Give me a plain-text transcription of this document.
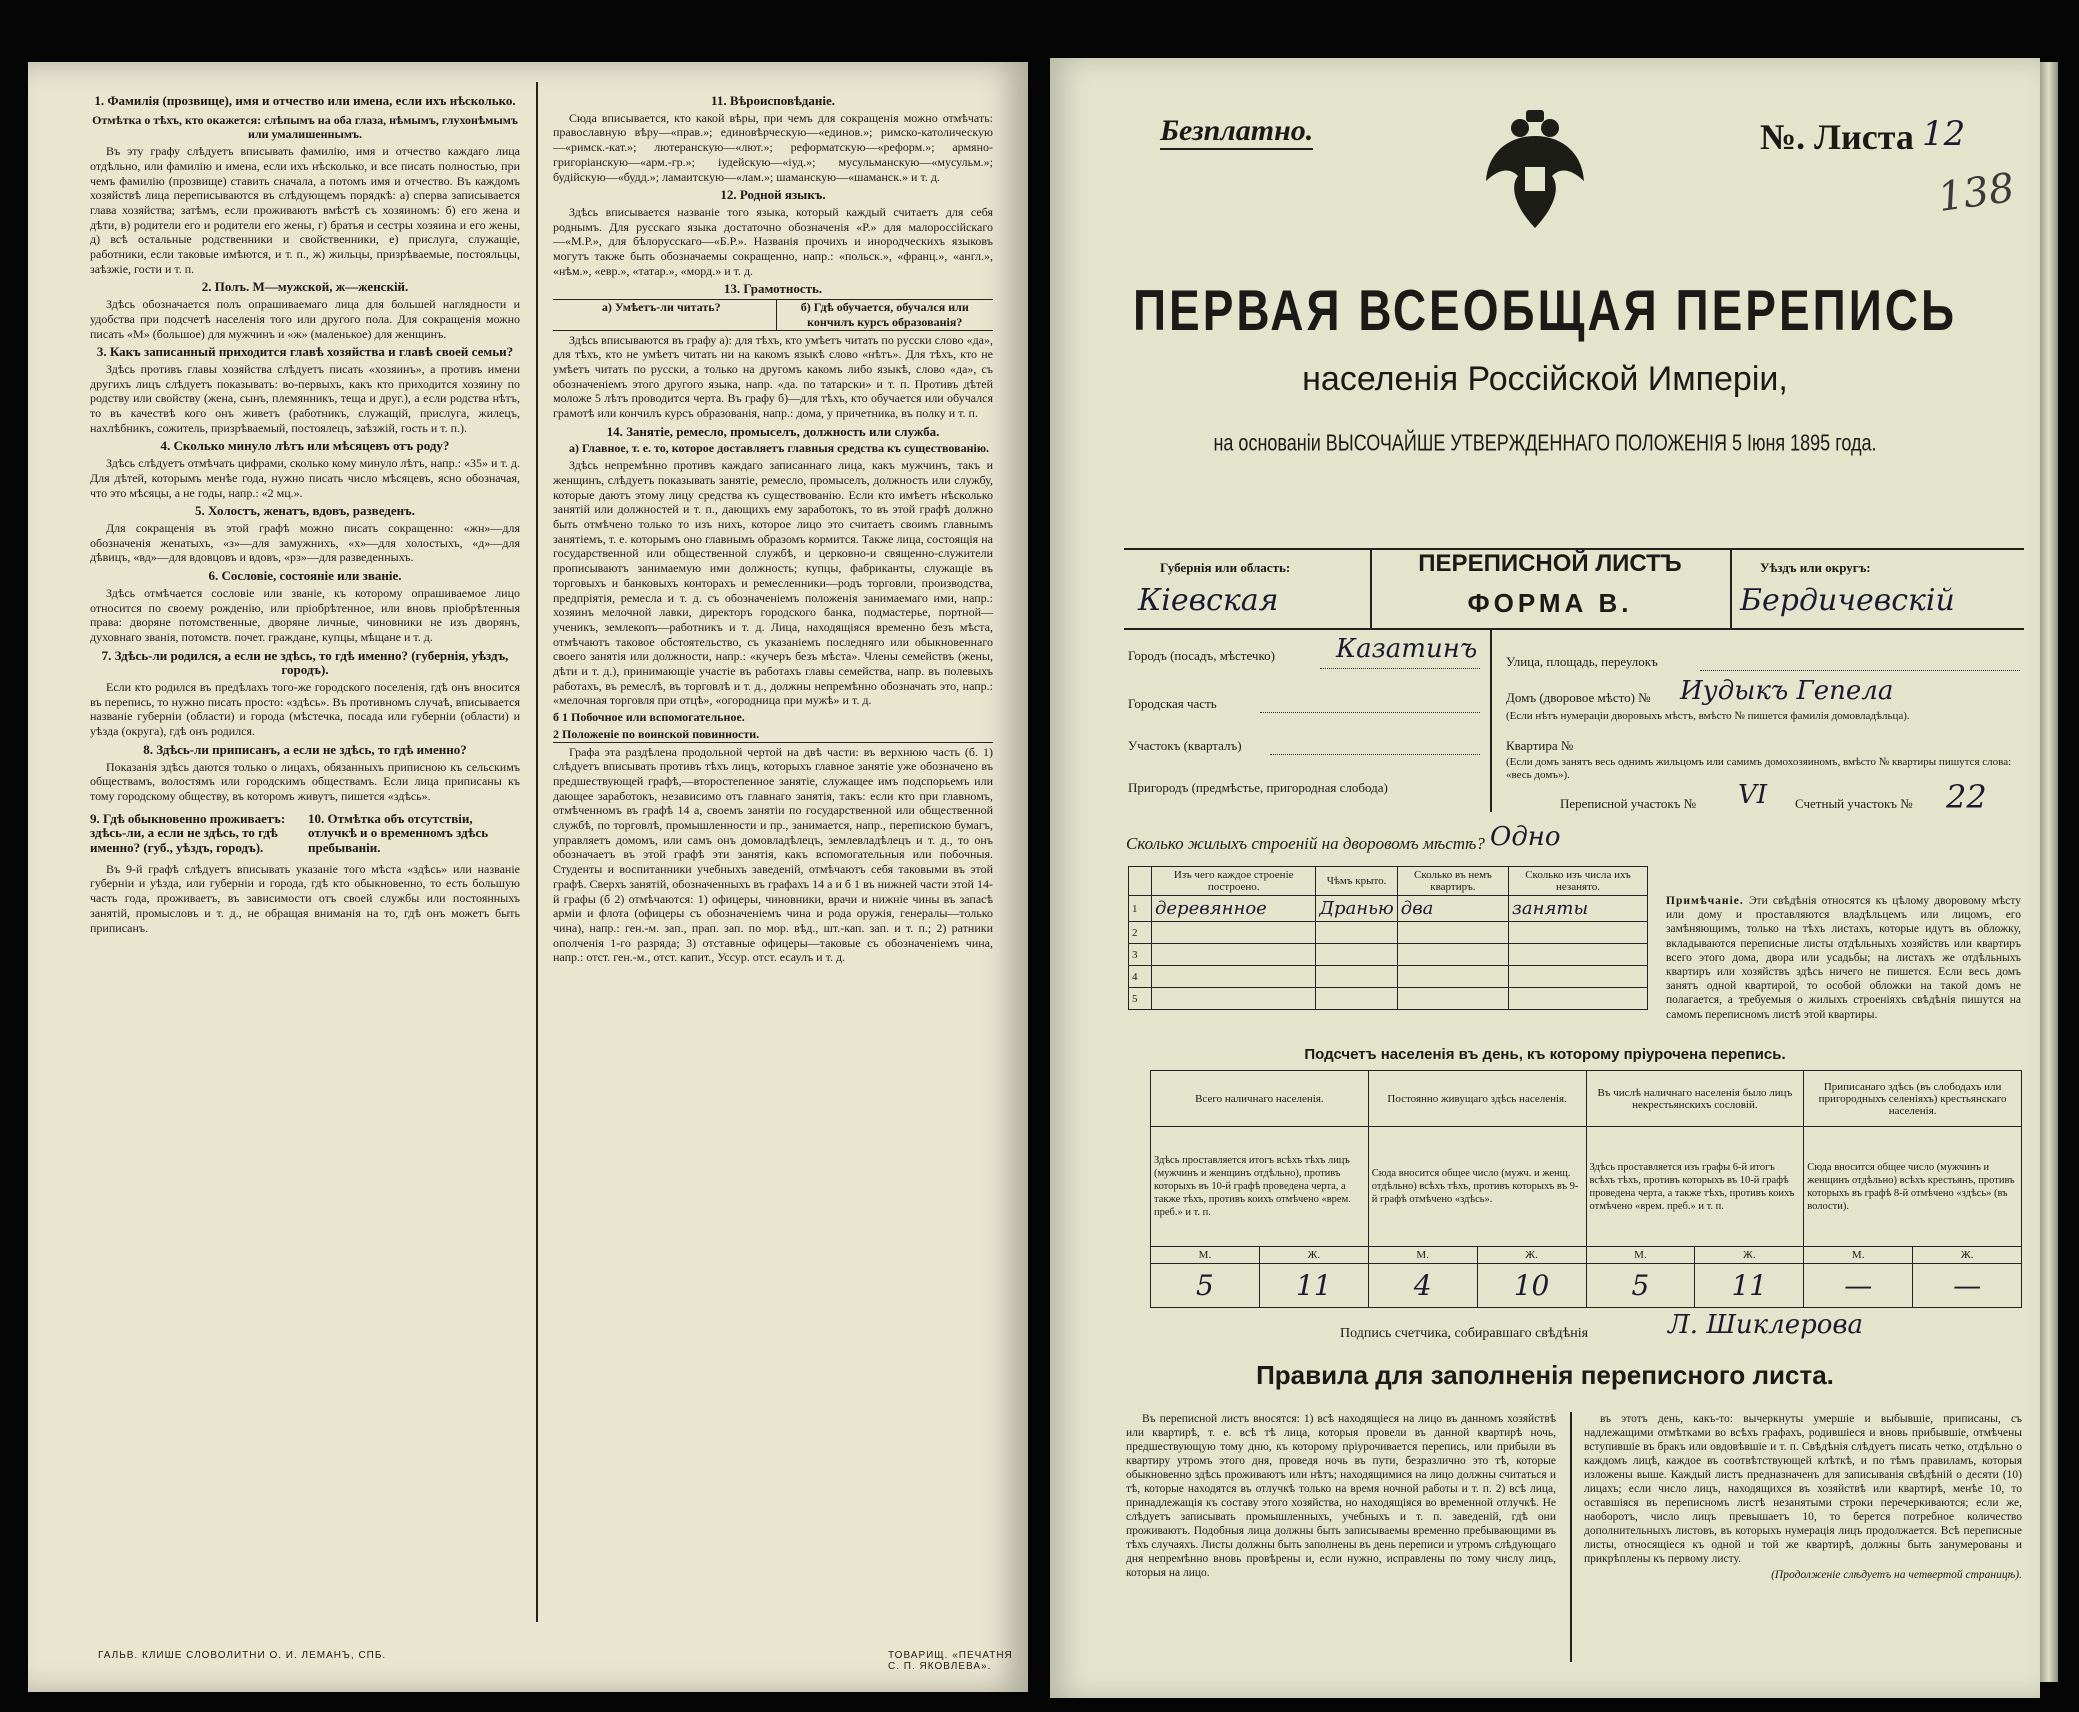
1. Фамилія (прозвище), имя и отчество или имена, если ихъ нѣсколько.
Отмѣтка о тѣхъ, кто окажется: слѣпымъ на оба глаза, нѣмымъ, глухонѣмымъ или умалишеннымъ.

Въ эту графу слѣдуетъ вписывать фамилію, имя и отчество каждаго лица отдѣльно, или фамилію и имена, если ихъ нѣсколько, и все писать полностью, при чемъ фамилію (прозвище) ставить сначала, а потомъ имя и отчество. Въ каждомъ хозяйствѣ лица переписываются въ слѣдующемъ порядкѣ: а) сперва записывается глава хозяйства; затѣмъ, если проживаютъ вмѣстѣ съ хозяиномъ: б) его жена и дѣти, в) родители его и родители его жены, г) братья и сестры хозяина и его жены, д) всѣ остальные родственники и свойственники, е) прислуга, служащіе, работники, если таковые имѣются, и т. п., ж) жильцы, призрѣваемые, постояльцы, заѣзжіе, гости и т. п.

2. Полъ. М—мужской, ж—женскій.

Здѣсь обозначается полъ опрашиваемаго лица для большей наглядности и удобства при подсчетѣ населенія того или другого пола. Для сокращенія можно писать «М» (большое) для мужчинъ и «ж» (маленькое) для женщинъ.

3. Какъ записанный приходится главѣ хозяйства и главѣ своей семьи?

Здѣсь противъ главы хозяйства слѣдуетъ писать «хозяинъ», а противъ имени другихъ лицъ слѣдуетъ показывать: во-первыхъ, какъ кто приходится хозяину по родству или свойству (жена, сынъ, племянникъ, теща и друг.), а если родства нѣтъ, то въ качествѣ кого онъ живетъ (работникъ, служащій, прислуга, жилецъ, нахлѣбникъ, сожитель, призрѣваемый, постоялецъ, заѣзжій, гость и т. п.).

4. Сколько минуло лѣтъ или мѣсяцевъ отъ роду?

Здѣсь слѣдуетъ отмѣчать цифрами, сколько кому минуло лѣтъ, напр.: «35» и т. д. Для дѣтей, которымъ менѣе года, нужно писать число мѣсяцевъ, ясно обозначая, что это мѣсяцы, а не годы, напр.: «2 мц.».

5. Холостъ, женатъ, вдовъ, разведенъ.

Для сокращенія въ этой графѣ можно писать сокращенно: «жн»—для обозначенія женатыхъ, «з»—для замужнихъ, «х»—для холостыхъ, «д»—для дѣвицъ, «вд»—для вдовцовъ и вдовъ, «рз»—для разведенныхъ.

6. Сословіе, состояніе или званіе.

Здѣсь отмѣчается сословіе или званіе, къ которому опрашиваемое лицо относится по своему рожденію, или пріобрѣтенное, или вновь пріобрѣтенныя права: дворяне потомственные, дворяне личные, чиновники не изъ дворянъ, духовнаго званія, потомств. почет. граждане, купцы, мѣщане и т. д.

7. Здѣсь-ли родился, а если не здѣсь, то гдѣ именно? (губернія, уѣздъ, городъ).

Если кто родился въ предѣлахъ того-же городского поселенія, гдѣ онъ вносится въ перепись, то нужно писать просто: «здѣсь». Въ противномъ случаѣ, вписывается названіе губерніи (области) и города (мѣстечка, посада или губерніи (области) и уѣзда (округа), гдѣ онъ родился.

8. Здѣсь-ли приписанъ, а если не здѣсь, то гдѣ именно?

Показанія здѣсь даются только о лицахъ, обязанныхъ приписною къ сельскимъ обществамъ, волостямъ или городскимъ обществамъ. Если лица приписаны къ тому городскому обществу, въ которомъ живутъ, пишется «здѣсь».

9. Гдѣ обыкновенно проживаетъ: здѣсь-ли, а если не здѣсь, то гдѣ именно? (губ., уѣздъ, городъ).
10. Отмѣтка объ отсутствіи, отлучкѣ и о временномъ здѣсь пребываніи.

Въ 9-й графѣ слѣдуетъ вписывать указаніе того мѣста «здѣсь» или названіе губерніи и уѣзда, или губерніи и города, гдѣ кто обыкновенно, то есть большую часть года, проживаетъ, въ зависимости отъ своей службы или постоянныхъ занятій, промысловъ и т. д., не обращая вниманія на то, гдѣ онъ можетъ быть приписанъ.

ГАЛЬВ. КЛИШЕ СЛОВОЛИТНИ О. И. ЛЕМАНЪ, СПБ.
11. Вѣроисповѣданіе.

Сюда вписывается, кто какой вѣры, при чемъ для сокращенія можно отмѣчать: православную вѣру—«прав.»; единовѣрческую—«единов.»; римско-католическую—«римск.-кат.»; лютеранскую—«лют.»; реформатскую—«реформ.»; армяно-григоріанскую—«арм.-гр.»; іудейскую—«іуд.»; мусульманскую—«мусульм.»; будійскую—«будд.»; ламаитскую—«лам.»; шаманскую—«шаманск.» и т. д.

12. Родной языкъ.

Здѣсь вписывается названіе того языка, который каждый считаетъ для себя роднымъ. Для русскаго языка достаточно обозначенія «Р.» для малороссійскаго—«М.Р.», для бѣлорусскаго—«Б.Р.». Названія прочихъ и инородческихъ языковъ могутъ также быть обозначаемы сокращенно, напр.: «польск.», «франц.», «англ.», «нѣм.», «евр.», «татар.», «морд.» и т. д.

13. Грамотность.
а) Умѣетъ-ли читать?	б) Гдѣ обучается, обучался или кончилъ курсъ образованія?

Здѣсь вписываются въ графу а): для тѣхъ, кто умѣетъ читать по русски слово «да», для тѣхъ, кто не умѣетъ читать ни на какомъ языкѣ слово «нѣтъ». Для тѣхъ, кто не умѣетъ читать по русски, а только на другомъ какомъ либо языкѣ, слово «да», съ обозначеніемъ этого другого языка, напр. «да. по татарски» и т. п. Противъ дѣтей моложе 5 лѣтъ проводится черта. Въ графу б)—для тѣхъ, кто обучается или обучался грамотѣ или кончилъ курсъ образованія, напр.: дома, у причетника, въ полку и т. п.

14. Занятіе, ремесло, промыселъ, должность или служба.

а) Главное, т. е. то, которое доставляетъ главныя средства къ существованію.

Здѣсь непремѣнно противъ каждаго записаннаго лица, какъ мужчинъ, такъ и женщинъ, слѣдуетъ показывать занятіе, ремесло, промыселъ, должность или службу, которые даютъ этому лицу средства къ существованію. Если кто имѣетъ нѣсколько занятій или должностей и т. п., дающихъ ему заработокъ, то въ этой графѣ должно быть отмѣчено только то изъ нихъ, которое лицо это считаетъ своимъ главнымъ занятіемъ, т. е. которымъ оно главнымъ образомъ кормится. Также лица, состоящія на государственной или общественной службѣ, и церковно-и священно-служители прописываютъ занимаемую ими должность; купцы, фабриканты, служащіе въ торговыхъ и банковыхъ конторахъ и ремесленники—родъ торговли, производства, предпріятія, ремесла и т. д. съ обозначеніемъ положенія занимаемаго ими, напр.: хозяинъ мелочной лавки, директоръ городского банка, подмастерье, портной—ученикъ, землекопъ—работникъ и т. д. Лица, находящіяся временно безъ мѣста, отмѣчаютъ таковое обстоятельство, съ указаніемъ последняго или обыкновеннаго своего занятія или должности, напр.: «кучеръ безъ мѣста». Члены семействъ (жены, дѣти и т. д.), принимающіе участіе въ работахъ главы семейства, напр. въ полевыхъ работахъ, въ ремеслѣ, въ торговлѣ и т. д., должны непремѣнно обозначать это, напр.: «мелочная торговля при отцѣ», «огородница при мужѣ» и т. д.

б 1 Побочное или вспомогательное.

2 Положеніе по воинской повинности.

Графа эта раздѣлена продольной чертой на двѣ части: въ верхнюю часть (б. 1) слѣдуетъ вписывать противъ тѣхъ лицъ, которыхъ главное занятіе уже обозначено въ предшествующей графѣ,—второстепенное занятіе, служащее имъ подспорьемъ или дающее заработокъ, независимо отъ главнаго занятія, такъ: если кто при главномъ, отмѣченномъ въ графѣ 14 а, своемъ занятіи по государственной или общественной службѣ, по торговлѣ, промышленности и пр., занимается, напр., перепискою бумагъ, управляетъ домомъ, или самъ онъ домовладѣлецъ, землевладѣлецъ и т. д., то онъ обозначаетъ въ этой графѣ эти занятія, какъ вспомогательныя или побочныя. Студенты и воспитанники учебныхъ заведеній, отмѣчаютъ себя таковыми въ этой графѣ. Сверхъ занятій, обозначенныхъ въ графахъ 14 а и б 1 въ нижней части этой 14-й графы (б 2) отмѣчаются: 1) офицеры, чиновники, врачи и нижніе чины въ запасѣ арміи и флота (офицеры съ обозначеніемъ чина и рода оружія, генералы—только чина), напр.: ген.-м. зап., прап. зап. по мор. вѣд., шт.-кап. зап. и т. п.; 2) ратники ополченія 1-го разряда; 3) отставные офицеры—таковые съ обозначеніемъ чина, напр.: отст. ген.-м., отст. капит., Уссур. отст. есаулъ и т. д.

ТОВАРИЩ. «ПЕЧАТНЯ С. П. ЯКОВЛЕВА».
Безплатно.	№. Листа 12
138
ПЕРВАЯ ВСЕОБЩАЯ ПЕРЕПИСЬ
населенія Россійской Имперіи,
на основаніи ВЫСОЧАЙШЕ УТВЕРЖДЕННАГО ПОЛОЖЕНІЯ 5 Іюня 1895 года.
Губернія или область:
Кіевская
ПЕРЕПИСНОЙ ЛИСТЪ
ФОРМА В.
Уѣздъ или округъ:
Бердичевскій
Городъ (посадъ, мѣстечко) Казатинъ
Городская часть
Участокъ (кварталъ)
Пригородъ (предмѣстье, пригородная слобода)
Улица, площадь, переулокъ
Домъ (дворовое мѣсто) № Иудыкъ Гепела
(Если нѣтъ нумераціи дворовыхъ мѣстъ, вмѣсто № пишется фамилія домовладѣльца).
Квартира №
(Если домъ занятъ весь однимъ жильцомъ или самимъ домохозяиномъ, вмѣсто № квартиры пишутся слова: «весь домъ»).
Переписной участокъ № VI Счетный участокъ № 22
Сколько жилыхъ строеній на дворовомъ мѣстѣ? Одно
	Изъ чего каждое строеніе построено.	Чѣмъ крыто.	Сколько въ немъ квартиръ.	Сколько изъ числа ихъ незанято.
1	деревянное	Дранью	два	заняты
2				
3				
4				
5				
Примѣчаніе. Эти свѣдѣнія относятся къ цѣлому дворовому мѣсту или дому и проставляются владѣльцемъ или лицомъ, его замѣняющимъ, только на тѣхъ листахъ, которые идутъ въ обложку, вкладываются переписные листы отдѣльныхъ хозяйствъ или квартиръ всего этого дома, двора или усадьбы; на листахъ же отдѣльныхъ квартиръ или хозяйствъ здѣсь ничего не пишется. Если весь домъ занятъ одной квартирой, то особой обложки на такой домъ не полагается, а требуемыя о жилыхъ строеніяхъ свѣдѣнія пишутся на самомъ переписномъ листѣ этой квартиры.
Подсчетъ населенія въ день, къ которому пріурочена перепись.
Всего наличнаго населенія.		Постоянно живущаго здѣсь населенія.		Въ числѣ наличнаго населенія было лицъ некрестьянскихъ сословій.		Приписанаго здѣсь (въ слободахъ или пригородныхъ селеніяхъ) крестьянскаго населенія.	
Здѣсь проставляется итогъ всѣхъ тѣхъ лицъ (мужчинъ и женщинъ отдѣльно), противъ которыхъ въ 10-й графѣ проведена черта, а также тѣхъ, противъ коихъ отмѣчено «врем. преб.» и т. п.		Сюда вносится общее число (мужч. и женщ. отдѣльно) всѣхъ тѣхъ, противъ которыхъ въ 9-й графѣ отмѣчено «здѣсь».		Здѣсь проставляется изъ графы 6-й итогъ всѣхъ тѣхъ, противъ которыхъ въ 10-й графѣ проведена черта, а также тѣхъ, противъ коихъ отмѣчено «врем. преб.» и т. п.		Сюда вносится общее число (мужчинъ и женщинъ отдѣльно) всѣхъ крестьянъ, противъ которыхъ въ графѣ 8-й отмѣчено «здѣсь» (въ волости).	
М.	Ж.	М.	Ж.	М.	Ж.	М.	Ж.
5	11	4	10	5	11	—	—
Подпись счетчика, собиравшаго свѣдѣнія	Л. Шиклерова
Правила для заполненія переписного листа.

Въ переписной листъ вносятся: 1) всѣ находящіеся на лицо въ данномъ хозяйствѣ или квартирѣ, т. е. всѣ тѣ лица, которыя провели въ данной квартирѣ ночь, предшествующую тому дню, къ которому пріурочивается перепись, или прибыли въ квартиру утромъ этого дня, проведя ночь въ пути, безразлично это тѣ, которые обыкновенно здѣсь проживаютъ или нѣтъ; находящимися на лицо должны считаться и тѣ, которые находятся въ отлучкѣ только на время ночной работы и т. п. 2) всѣ лица, принадлежащія къ составу этого хозяйства, но находящіяся во временной отлучкѣ. Не слѣдуетъ записывать промышленныхъ, учебныхъ и т. п. заведеній, гдѣ они проживаютъ. Подобныя лица должны быть записываемы временно пребывающими въ тѣхъ случаяхъ. Листы должны быть заполнены въ день переписи и утромъ слѣдующаго дня непремѣнно вновь провѣрены и, если нужно, исправлены по тому числу лицъ, которыя на лицо.

въ этотъ день, какъ-то: вычеркнуты умершіе и выбывшіе, приписаны, съ надлежащими отмѣтками во всѣхъ графахъ, родившіеся и вновь прибывшіе, отмѣчены вступившіе въ бракъ или овдовѣвшіе и т. п. Свѣдѣнія слѣдуетъ писать четко, отдѣльно о каждомъ лицѣ, каждое въ соотвѣтствующей клѣткѣ, и по тѣмъ правиламъ, которыя изложены выше. Каждый листъ предназначенъ для записыванія свѣдѣній о десяти (10) лицахъ; если число лицъ, находящихся въ хозяйствѣ или квартирѣ, менѣе 10, то оставшіяся въ переписномъ листѣ незанятыми строки перечеркиваются; если же, наоборотъ, число лицъ превышаетъ 10, то берется потребное количество дополнительныхъ листовъ, въ которыхъ нумерація лицъ продолжается. Всѣ переписные листы, относящіеся къ одной и той же квартирѣ, должны быть занумерованы и прикрѣплены къ первому листу.

(Продолженіе слѣдуетъ на четвертой страницѣ).
